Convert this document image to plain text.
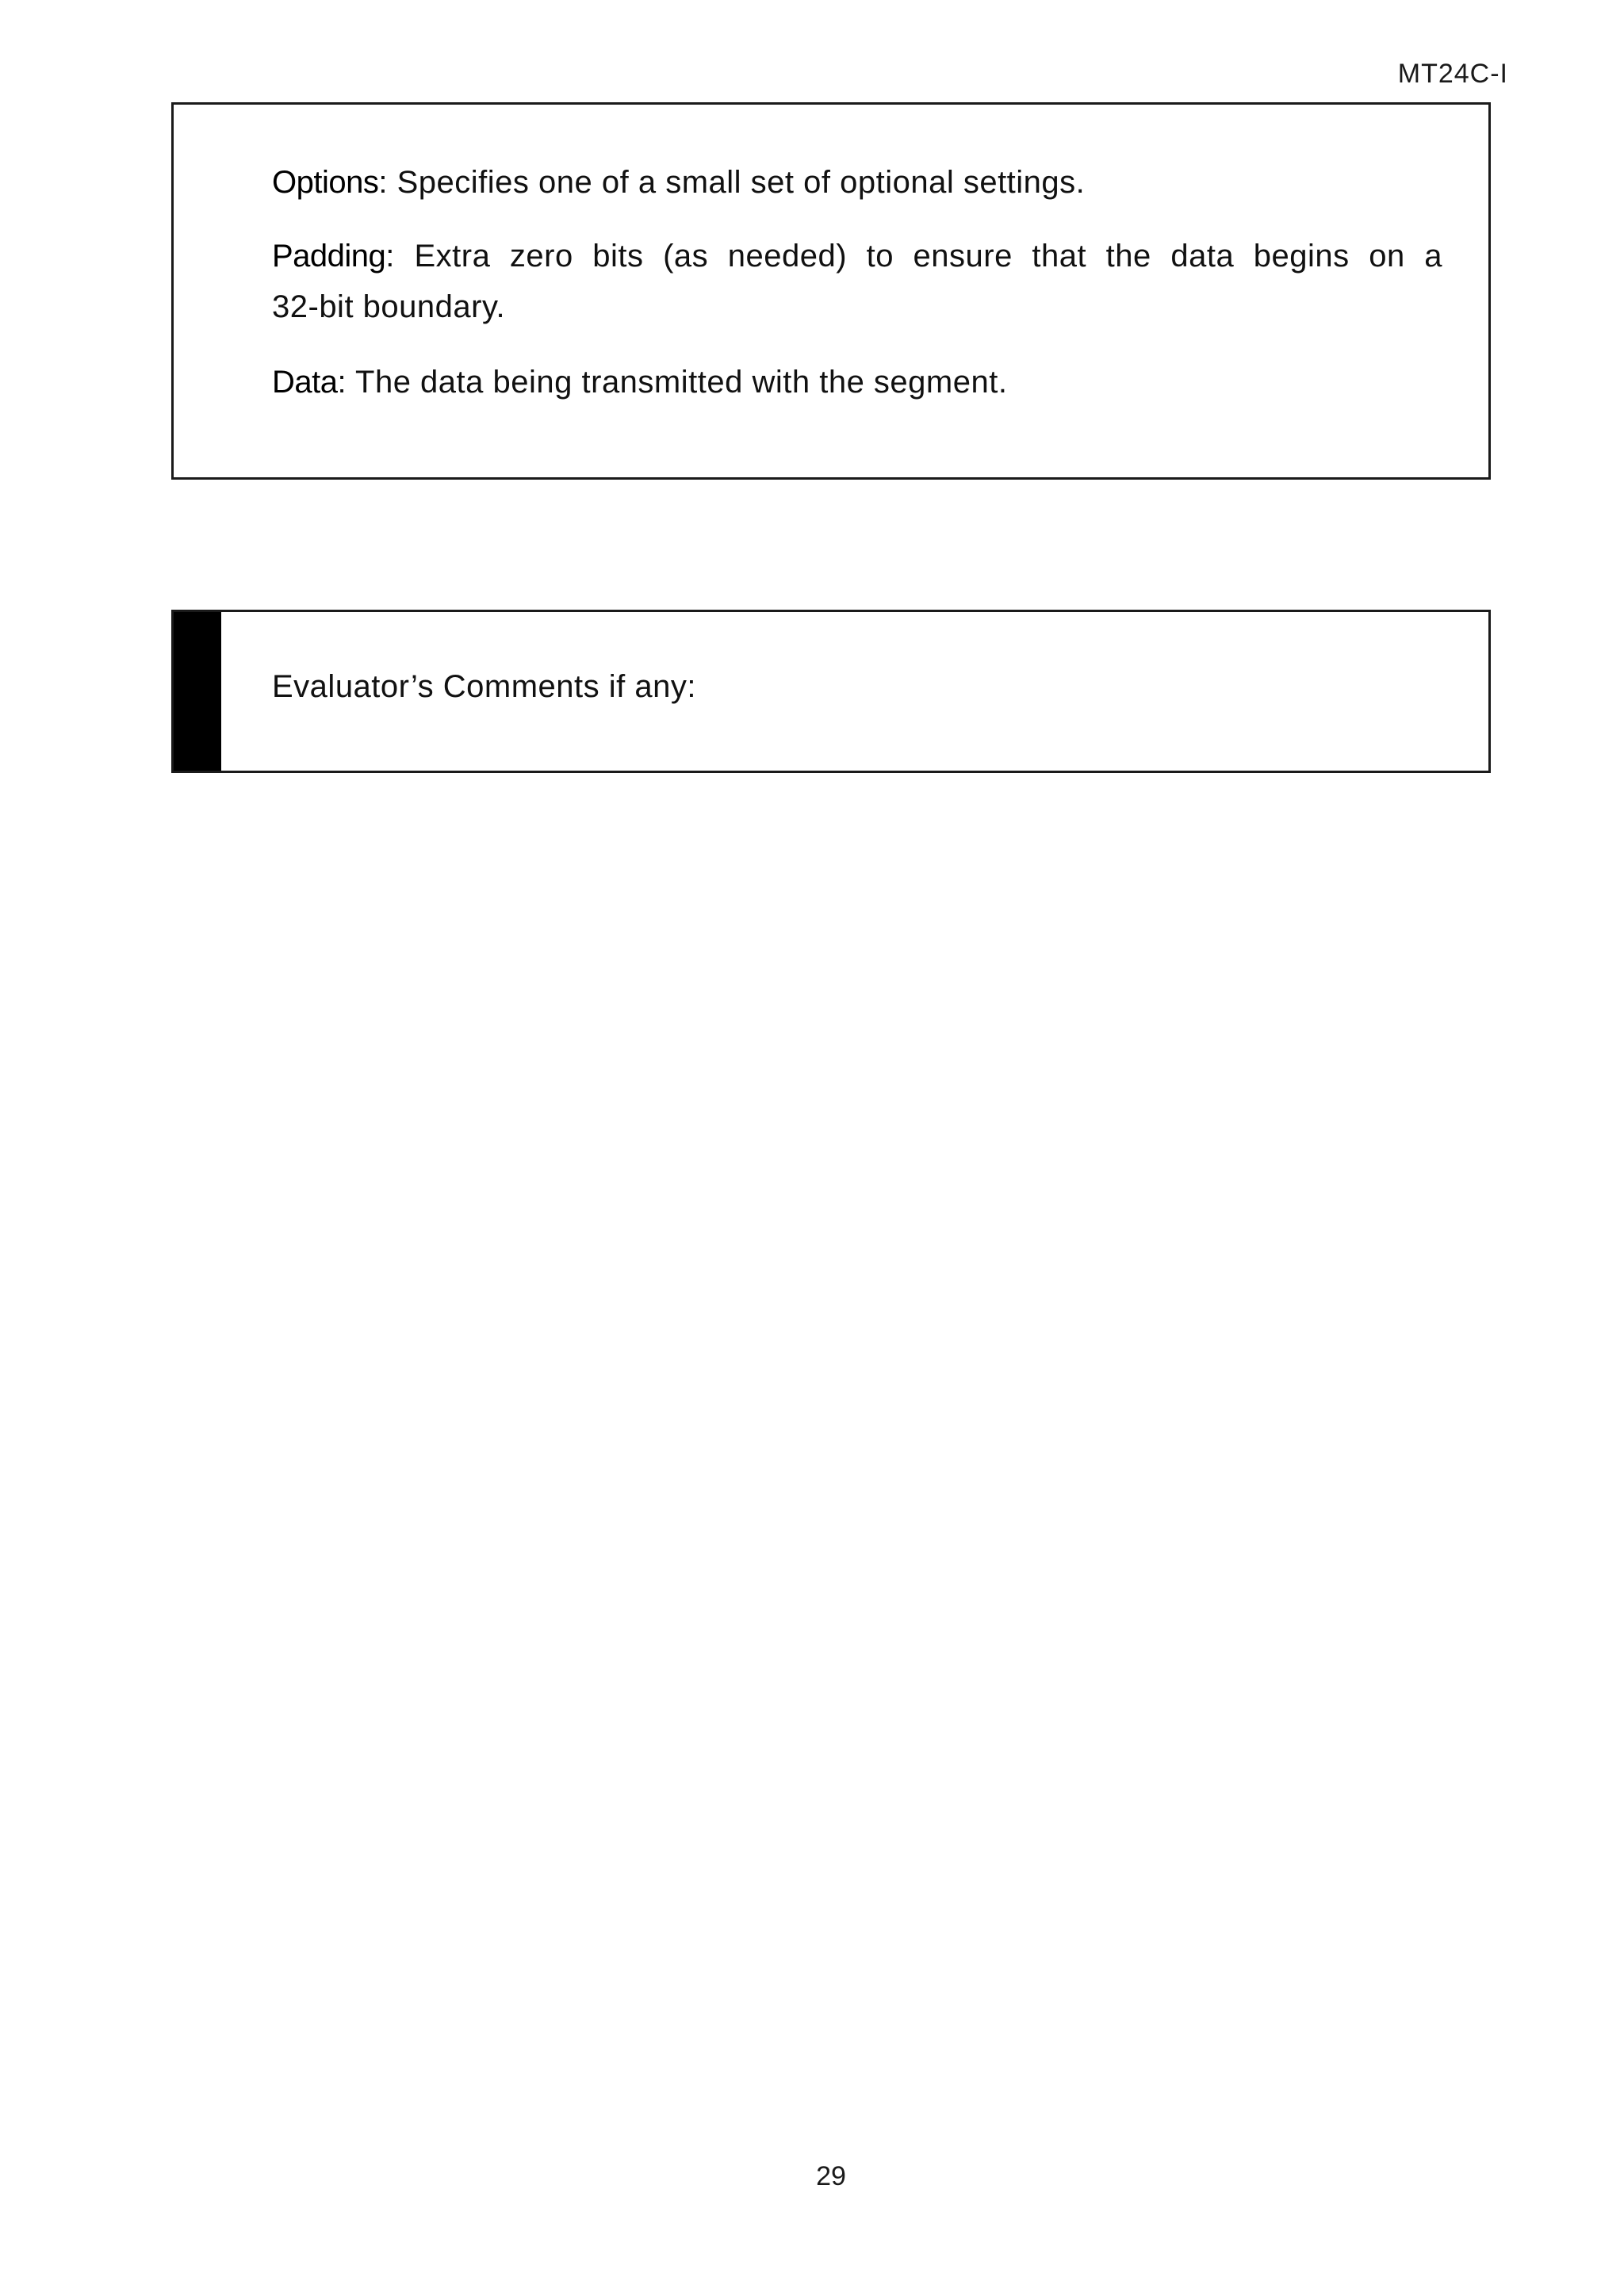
MT24C-I
Options: Specifies one of a small set of optional settings.
Padding: Extra zero bits (as needed) to ensure that the data begins on a
32-bit boundary.
Data: The data being transmitted with the segment.
Evaluator’s Comments if any:
29
